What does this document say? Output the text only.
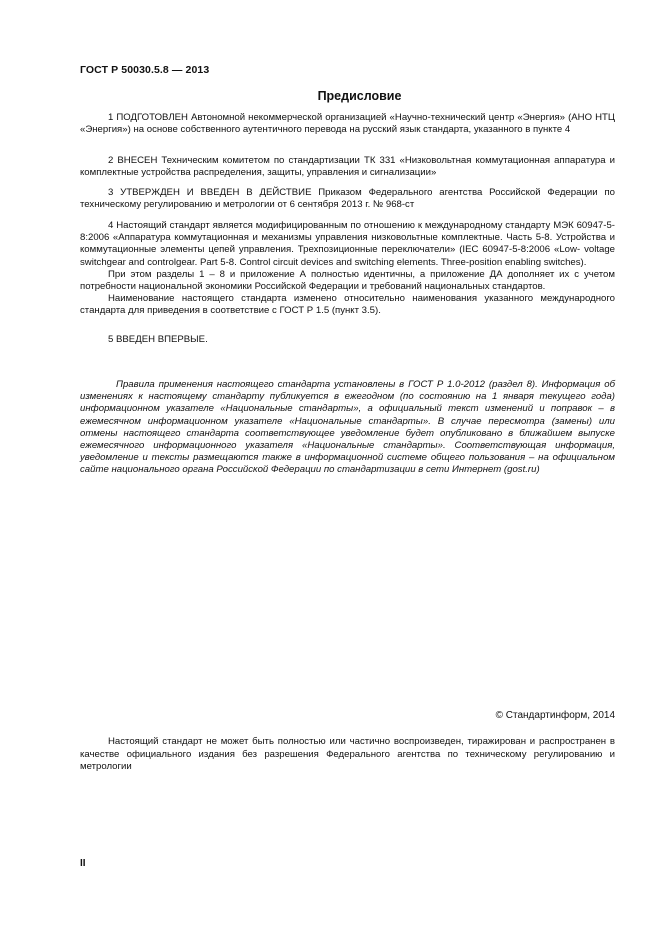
ГОСТ Р 50030.5.8 — 2013
Предисловие

1 ПОДГОТОВЛЕН Автономной некоммерческой организацией «Научно-технический центр «Энергия» (АНО НТЦ «Энергия») на основе собственного аутентичного перевода на русский язык стандарта, указанного в пункте 4

2 ВНЕСЕН Техническим комитетом по стандартизации ТК 331 «Низковольтная коммутационная аппаратура и комплектные устройства распределения, защиты, управления и сигнализации»

3 УТВЕРЖДЕН И ВВЕДЕН В ДЕЙСТВИЕ Приказом Федерального агентства Российской Федерации по техническому регулированию и метрологии от 6 сентября 2013 г. № 968-ст

4 Настоящий стандарт является модифицированным по отношению к международному стандарту МЭК 60947-5-8:2006 «Аппаратура коммутационная и механизмы управления низковольтные комплектные. Часть 5-8. Устройства и коммутационные элементы цепей управления. Трехпозиционные переключатели» (IEC 60947-5-8:2006 «Low- voltage switchgear and controlgear. Part 5-8. Control circuit devices and switching elements. Three-position enabling switches).

При этом разделы 1 – 8 и приложение А полностью идентичны, а приложение ДА дополняет их с учетом потребности национальной экономики Российской Федерации и требований национальных стандартов.

Наименование настоящего стандарта изменено относительно наименования указанного международного стандарта для приведения в соответствие с ГОСТ Р 1.5 (пункт 3.5).

5 ВВЕДЕН ВПЕРВЫЕ.

Правила применения настоящего стандарта установлены в ГОСТ Р 1.0-2012 (раздел 8). Информация об изменениях к настоящему стандарту публикуется в ежегодном (по состоянию на 1 января текущего года) информационном указателе «Национальные стандарты», а официальный текст изменений и поправок – в ежемесячном информационном указателе «Национальные стандарты». В случае пересмотра (замены) или отмены настоящего стандарта соответствующее уведомление будет опубликовано в ближайшем выпуске ежемесячного информационного указателя «Национальные стандарты». Соответствующая информация, уведомление и тексты размещаются также в информационной системе общего пользования – на официальном сайте национального органа Российской Федерации по стандартизации в сети Интернет (gost.ru)

© Стандартинформ, 2014

Настоящий стандарт не может быть полностью или частично воспроизведен, тиражирован и распространен в качестве официального издания без разрешения Федерального агентства по техническому регулированию и метрологии

II
